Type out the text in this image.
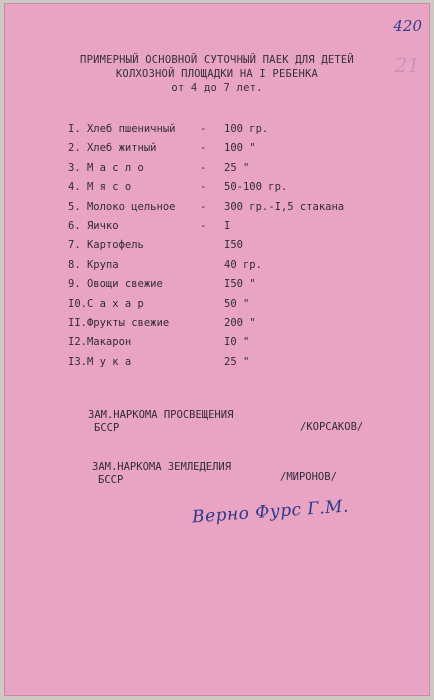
420
21
ПРИМЕРНЫЙ ОСНОВНОЙ СУТОЧНЫЙ ПАЕК ДЛЯ ДЕТЕЙ
КОЛХОЗНОЙ ПЛОЩАДКИ НА I РЕБЕНКА
от 4 до 7 лет.
I. Хлеб пшеничный - 100 гр.
2. Хлеб житный	- 100 "
3. М а с л о	- 25 "
4. М я с о	- 50-100 гр.
5. Молоко цельное - 300 гр.-I,5 стакана
6. Яичко	- I
7. Картофель	I50
8. Крупа	40 гр.
9. Овощи свежие	I50 "
I0.С а х а р	50 "
II.Фрукты свежие	200 "
I2.Макарон	I0 "
I3.М у к а	25 "
ЗАМ.НАРКОМА ПРОСВЕЩЕНИЯ
БССР	/КОРСАКОВ/
ЗАМ.НАРКОМА ЗЕМЛЕДЕЛИЯ
БССР	/МИРОНОВ/
Верно Фурс Г.М.
